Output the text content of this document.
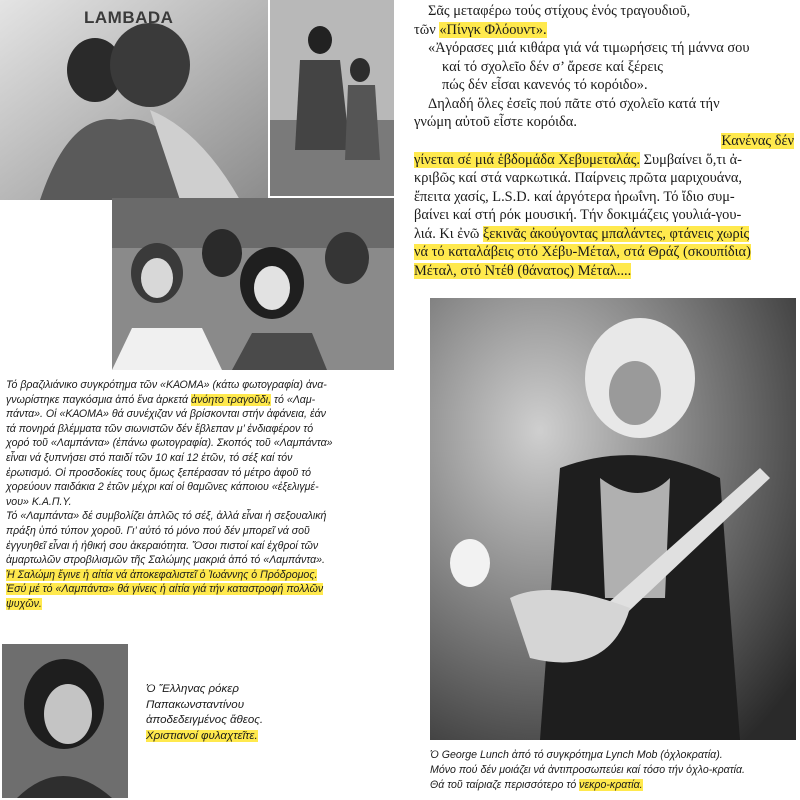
LAMBADA	Σᾶς μεταφέρω τούς στίχους ἑνός τραγουδιοῦ,
τῶν «Πίνγκ Φλόουντ».
«Ἀγόρασες μιά κιθάρα γιά νά τιμωρήσεις τή μάννα σου
καί τό σχολεῖο δέν σ’ ἄρεσε καί ξέρεις
πώς δέν εἶσαι κανενός τό κορόιδο».
Δηλαδή ὅλες ἐσεῖς πού πᾶτε στό σχολεῖο κατά τήν
γνώμη αὐτοῦ εἶστε κορόιδα.
Κανένας δέν
γίνεται σέ μιά ἑβδομάδα Χεβυμεταλάς. Συμβαίνει ὅ,τι ἀ-
κριβῶς καί στά ναρκωτικά. Παίρνεις πρῶτα μαριχουάνα,
ἔπειτα χασίς, L.S.D. καί ἀργότερα ἡρωΐνη. Τό ἴδιο συμ-
βαίνει καί στή ρόκ μουσική. Τήν δοκιμάζεις γουλιά-γου-
λιά. Κι ἐνῶ ξεκινᾶς ἀκούγοντας μπαλάντες, φτάνεις χωρίς
νά τό καταλάβεις στό Χέβυ-Μέταλ, στά Θράζ (σκουπίδια)
Μέταλ, στό Ντέθ (θάνατος) Μέταλ....
Τό βραζιλιάνικο συγκρότημα τῶν «ΚΑΟΜΑ» (κάτω φωτογραφία) ἀνα-
γνωρίστηκε παγκόσμια ἀπό ἕνα ἀρκετά ἀνόητο τραγοῦδι, τό «Λαμ-
πάντα». Οἱ «ΚΑΟΜΑ» θά συνέχιζαν νά βρίσκονται στήν ἀφάνεια, ἐάν
τά πονηρά βλέμματα τῶν σιωνιστῶν δέν ἔβλεπαν μ’ ἐνδιαφέρον τό
χορό τοῦ «Λαμπάντα» (ἐπάνω φωτογραφία). Σκοπός τοῦ «Λαμπάντα»
εἶναι νά ξυπνήσει στό παιδί τῶν 10 καί 12 ἐτῶν, τό σέξ καί τόν
ἐρωτισμό. Οἱ προσδοκίες τους ὅμως ξεπέρασαν τό μέτρο ἀφοῦ τό
χορεύουν παιδάκια 2 ἐτῶν μέχρι καί οἱ θαμῶνες κάποιου «ἐξελιγμέ-
νου» Κ.Α.Π.Υ.
Τό «Λαμπάντα» δέ συμβολίζει ἁπλῶς τό σέξ, ἀλλά εἶναι ἡ σεξουαλική
πράξη ὑπό τύπον χοροῦ. Γι’ αὐτό τό μόνο πού δέν μπορεῖ νά σοῦ
ἐγγυηθεῖ εἶναι ἡ ἠθική σου ἀκεραιότητα. Ὅσοι πιστοί καί ἐχθροί τῶν
ἁμαρτωλῶν στροβιλισμῶν τῆς Σαλώμης μακριά ἀπό τό «Λαμπάντα».
Ἡ Σαλώμη ἔγινε ἡ αἰτία νά ἀποκεφαλιστεῖ ὁ Ἰωάννης ὁ Πρόδρομος.
Ἐσύ μέ τό «Λαμπάντα» θά γίνεις ἡ αἰτία γιά τήν καταστροφή πολλῶν
ψυχῶν.
Ὁ Ἕλληνας ρόκερ
Παπακωνσταντίνου
ἀποδεδειγμένος ἄθεος.
Χριστιανοί φυλαχτεῖτε.
Ὁ George Lunch ἀπό τό συγκρότημα Lynch Mob (ὀχλοκρατία).
Μόνο πού δέν μοιάζει νά ἀντιπροσωπεύει καί τόσο τήν ὀχλο-κρατία.
Θά τοῦ ταίριαζε περισσότερο τό νεκρο-κρατία.
